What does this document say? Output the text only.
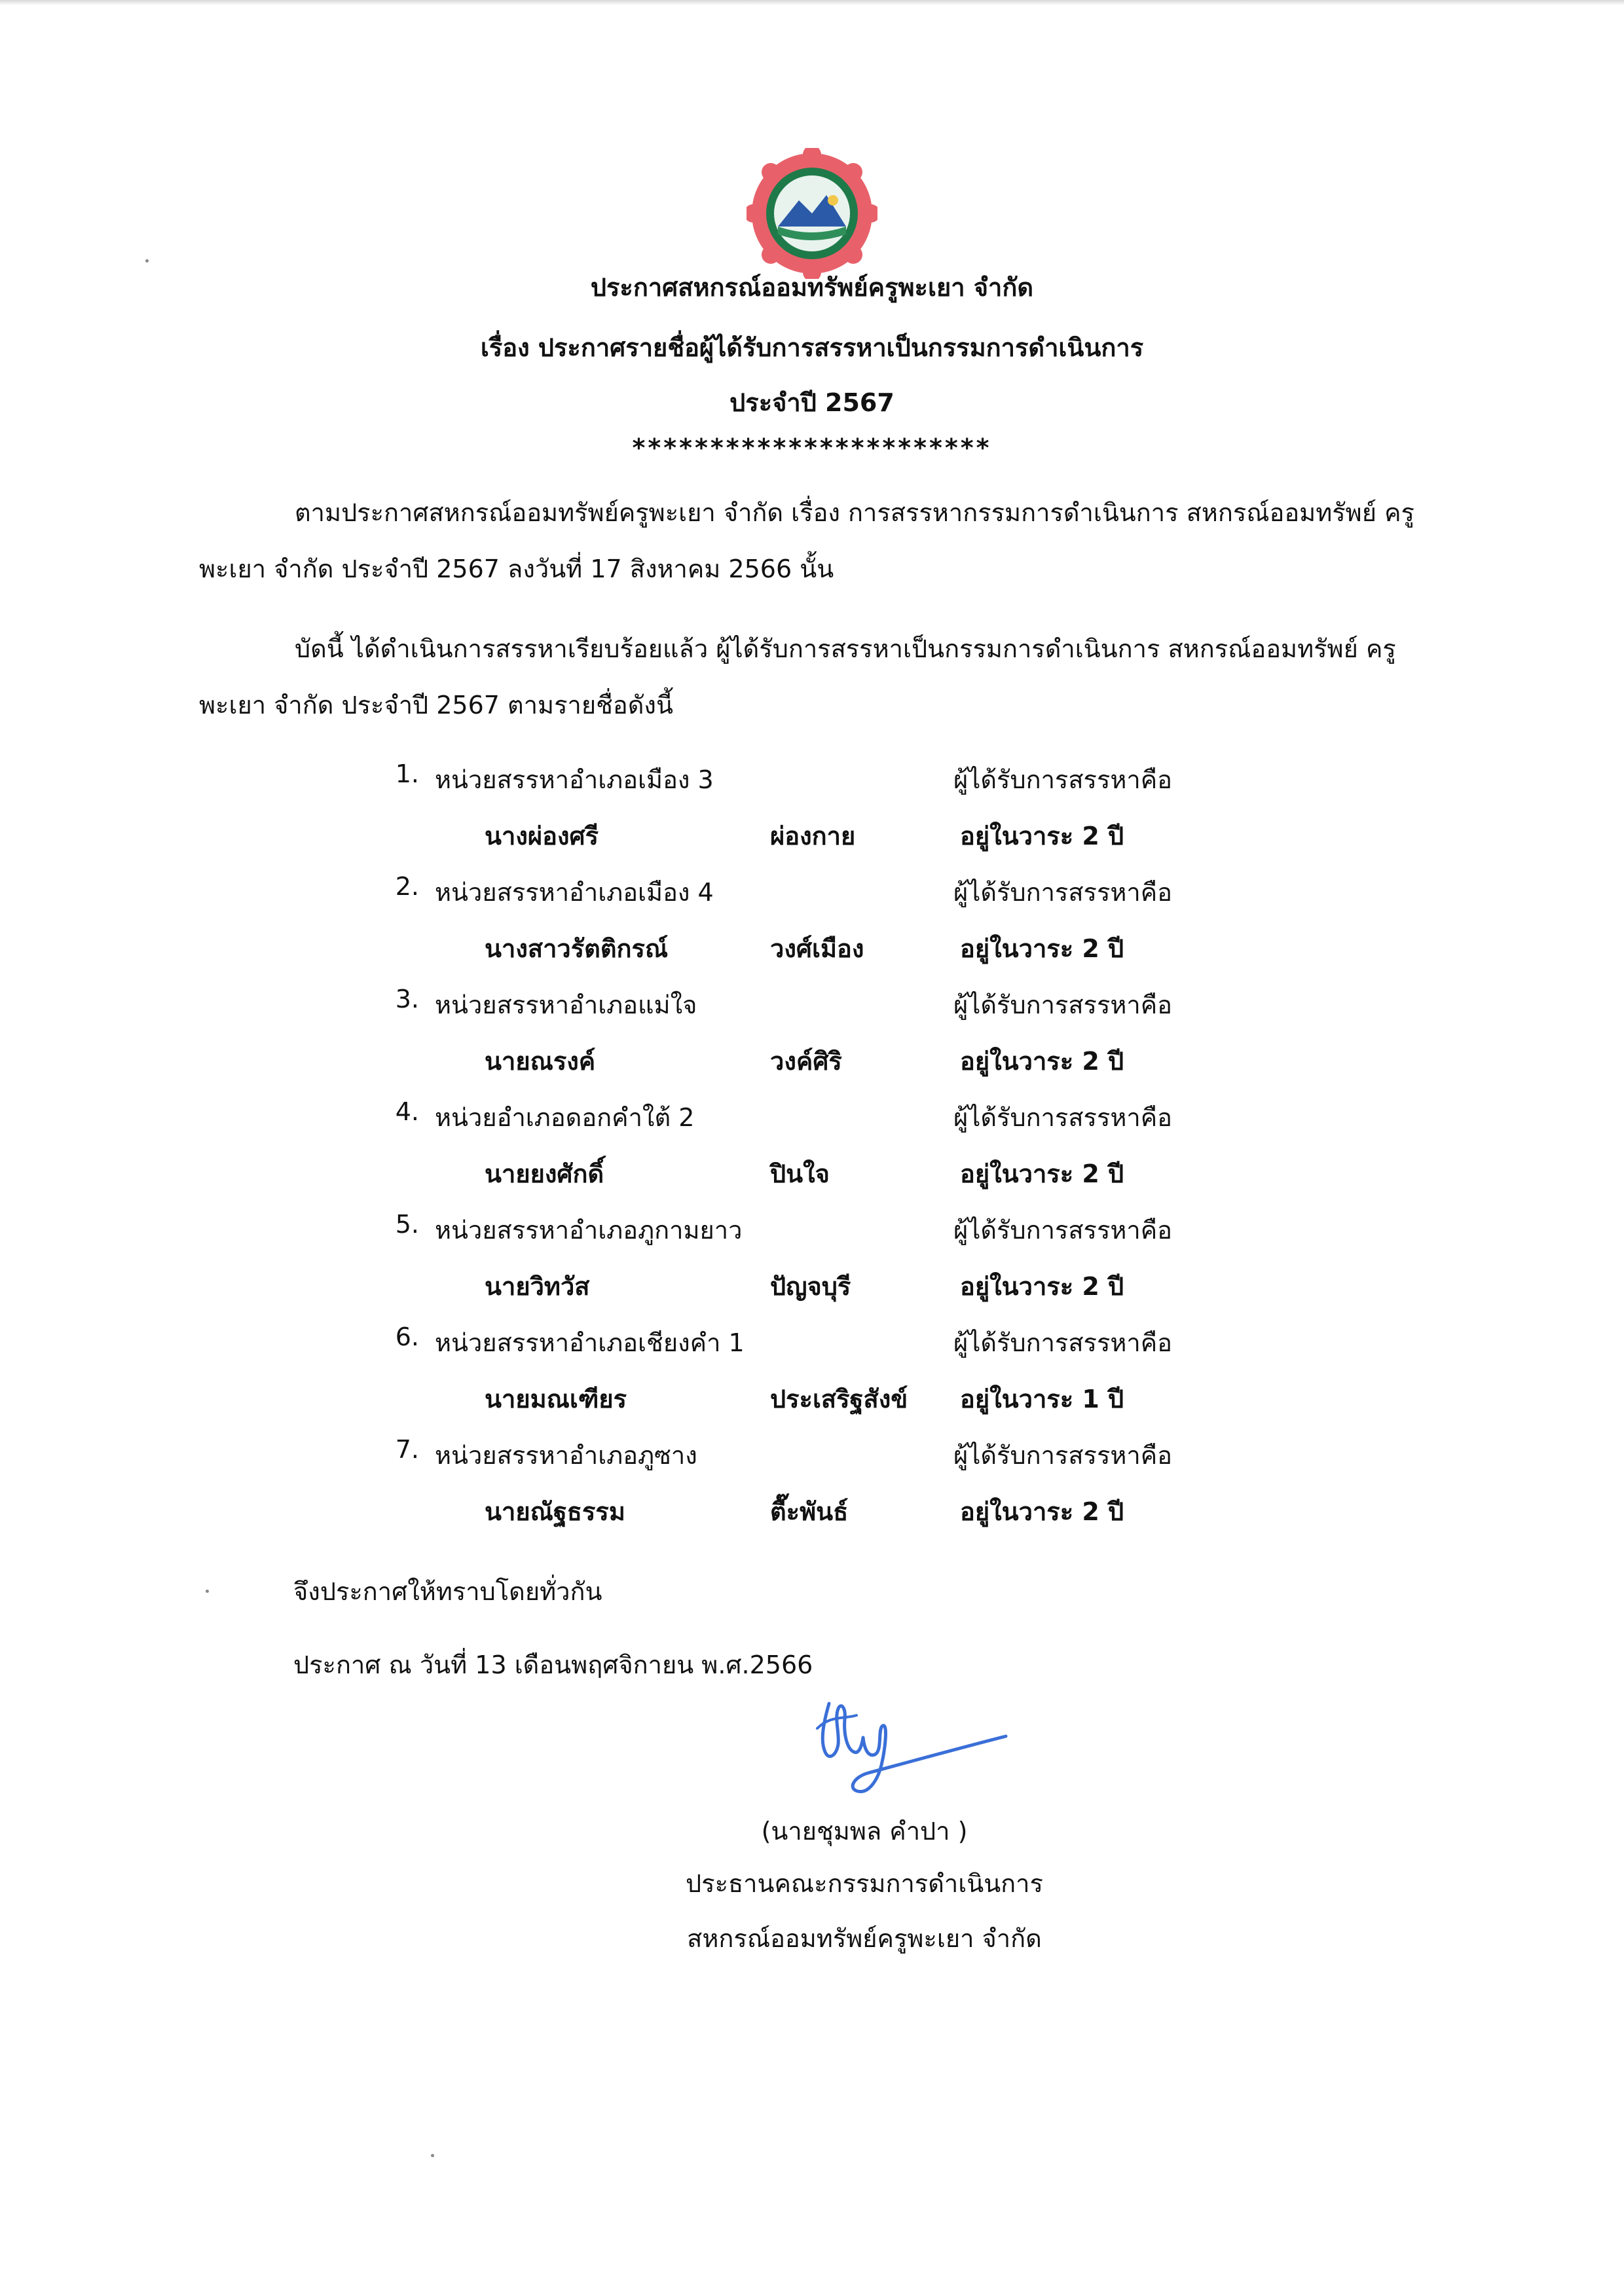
ประกาศสหกรณ์ออมทรัพย์ครูพะเยา จำกัด
เรื่อง ประกาศรายชื่อผู้ได้รับการสรรหาเป็นกรรมการดำเนินการ
ประจำปี 2567
***********************
ตามประกาศสหกรณ์ออมทรัพย์ครูพะเยา จำกัด เรื่อง การสรรหากรรมการดำเนินการ สหกรณ์ออมทรัพย์ ครูพะเยา จำกัด ประจำปี 2567 ลงวันที่ 17 สิงหาคม 2566 นั้น
บัดนี้ ได้ดำเนินการสรรหาเรียบร้อยแล้ว ผู้ได้รับการสรรหาเป็นกรรมการดำเนินการ สหกรณ์ออมทรัพย์ ครูพะเยา จำกัด ประจำปี 2567 ตามรายชื่อดังนี้
1. หน่วยสรรหาอำเภอเมือง 3	ผู้ได้รับการสรรหาคือ
นางผ่องศรี	ผ่องกาย	อยู่ในวาระ 2 ปี
2. หน่วยสรรหาอำเภอเมือง 4	ผู้ได้รับการสรรหาคือ
นางสาวรัตติกรณ์	วงศ์เมือง	อยู่ในวาระ 2 ปี
3. หน่วยสรรหาอำเภอแม่ใจ	ผู้ได้รับการสรรหาคือ
นายณรงค์	วงค์ศิริ	อยู่ในวาระ 2 ปี
4. หน่วยอำเภอดอกคำใต้ 2	ผู้ได้รับการสรรหาคือ
นายยงศักดิ์	ปินใจ	อยู่ในวาระ 2 ปี
5. หน่วยสรรหาอำเภอภูกามยาว	ผู้ได้รับการสรรหาคือ
นายวิทวัส	ปัญจบุรี	อยู่ในวาระ 2 ปี
6. หน่วยสรรหาอำเภอเชียงคำ 1	ผู้ได้รับการสรรหาคือ
นายมณเฑียร	ประเสริฐสังข์ อยู่ในวาระ 1 ปี
7. หน่วยสรรหาอำเภอภูซาง	ผู้ได้รับการสรรหาคือ
นายณัฐธรรม	ตื๊ะพันธ์	อยู่ในวาระ 2 ปี
จึงประกาศให้ทราบโดยทั่วกัน
ประกาศ ณ วันที่ 13 เดือนพฤศจิกายน พ.ศ.2566
(นายชุมพล คำปา )
ประธานคณะกรรมการดำเนินการ
สหกรณ์ออมทรัพย์ครูพะเยา จำกัด
